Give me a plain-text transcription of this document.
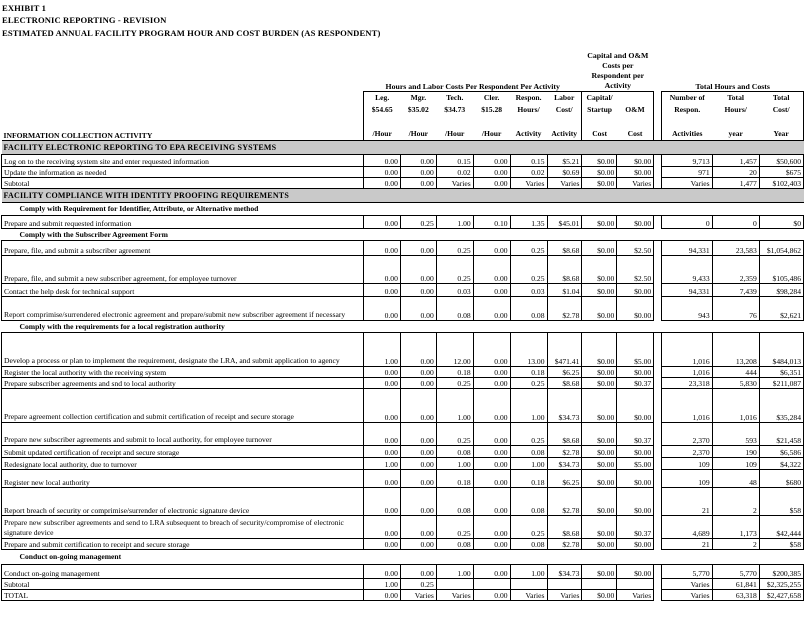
EXHIBIT 1
ELECTRONIC REPORTING - REVISION
ESTIMATED ANNUAL FACILITY PROGRAM HOUR AND COST BURDEN (AS RESPONDENT)
	Hours and Labor Costs Per Respondent Per Activity						Capital and O&M Costs per Respondent per Activity			Total Hours and Costs		

	Leg.	Mgr.	Tech.	Cler.	Respon.	Labor	Capital/			Number of	Total	Total
	$54.65	$35.02	$34.73	$15.28	Hours/	Cost/	Startup	O&M		Respon.	Hours/	Cost/

INFORMATION COLLECTION ACTIVITY	/Hour	/Hour	/Hour	/Hour	Activity	Activity	Cost	Cost		Activities	year	Year
FACILITY ELECTRONIC REPORTING TO EPA RECEIVING SYSTEMS												
Log on to the receiving system site and enter requested information	0.00	0.00	0.15	0.00	0.15	$5.21	$0.00	$0.00		9,713	1,457	$50,600
Update the information as needed	0.00	0.00	0.02	0.00	0.02	$0.69	$0.00	$0.00		971	20	$675
Subtotal	0.00	0.00	Varies	0.00	Varies	Varies	$0.00	Varies		Varies	1,477	$102,403
FACILITY COMPLIANCE WITH IDENTITY PROOFING REQUIREMENTS												
Comply with Requirement for Identifier, Attribute, or Alternative method												
Prepare and submit requested information	0.00	0.25	1.00	0.10	1.35	$45.01	$0.00	$0.00		0	0	$0
Comply with the Subscriber Agreement Form												
Prepare, file, and submit a subscriber agreement	0.00	0.00	0.25	0.00	0.25	$8.68	$0.00	$2.50		94,331	23,583	$1,054,862
Prepare, file, and submit a new subscriber agreement, for employee turnover	0.00	0.00	0.25	0.00	0.25	$8.68	$0.00	$2.50		9,433	2,359	$105,486
Contact the help desk for technical support	0.00	0.00	0.03	0.00	0.03	$1.04	$0.00	$0.00		94,331	7,439	$98,284
Report comprimise/surrendered electronic agreement and prepare/submit new subscriber agreement if necessary	0.00	0.00	0.08	0.00	0.08	$2.78	$0.00	$0.00		943	76	$2,621
Comply with the requirements for a local registration authority												
Develop a process or plan to implement the requirement, designate the LRA, and submit application to agency	1.00	0.00	12.00	0.00	13.00	$471.41	$0.00	$5.00		1,016	13,208	$484,013
Register the local authority with the receiving system	0.00	0.00	0.18	0.00	0.18	$6.25	$0.00	$0.00		1,016	444	$6,351
Prepare subscriber agreements and snd to local authority	0.00	0.00	0.25	0.00	0.25	$8.68	$0.00	$0.37		23,318	5,830	$211,087
Prepare agreement collection certification and submit certification of receipt and secure storage	0.00	0.00	1.00	0.00	1.00	$34.73	$0.00	$0.00		1,016	1,016	$35,284
Prepare new subscriber agreements and submit to local authority, for employee turnover	0.00	0.00	0.25	0.00	0.25	$8.68	$0.00	$0.37		2,370	593	$21,458
Submit updated certification of receipt and secure storage	0.00	0.00	0.08	0.00	0.08	$2.78	$0.00	$0.00		2,370	190	$6,586
Redesignate local authority, due to turnover	1.00	0.00	1.00	0.00	1.00	$34.73	$0.00	$5.00		109	109	$4,322
Register new local authority	0.00	0.00	0.18	0.00	0.18	$6.25	$0.00	$0.00		109	48	$680
Report breach of security or comprimise/surrender of electronic signature device	0.00	0.00	0.08	0.00	0.08	$2.78	$0.00	$0.00		21	2	$58
Prepare new subscriber agreements and send to LRA subsequent to breach of security/compromise of electronic signature device	0.00	0.00	0.25	0.00	0.25	$8.68	$0.00	$0.37		4,689	1,173	$42,444
Prepare and submit certification to receipt and secure storage	0.00	0.00	0.08	0.00	0.08	$2.78	$0.00	$0.00		21	2	$58
Conduct on-going management												
Conduct on-going management	0.00	0.00	1.00	0.00	1.00	$34.73	$0.00	$0.00		5,770	5,770	$200,385
Subtotal	1.00	0.25								Varies	61,841	$2,325,255
TOTAL	0.00	Varies	Varies	0.00	Varies	Varies	$0.00	Varies		Varies	63,318	$2,427,658
